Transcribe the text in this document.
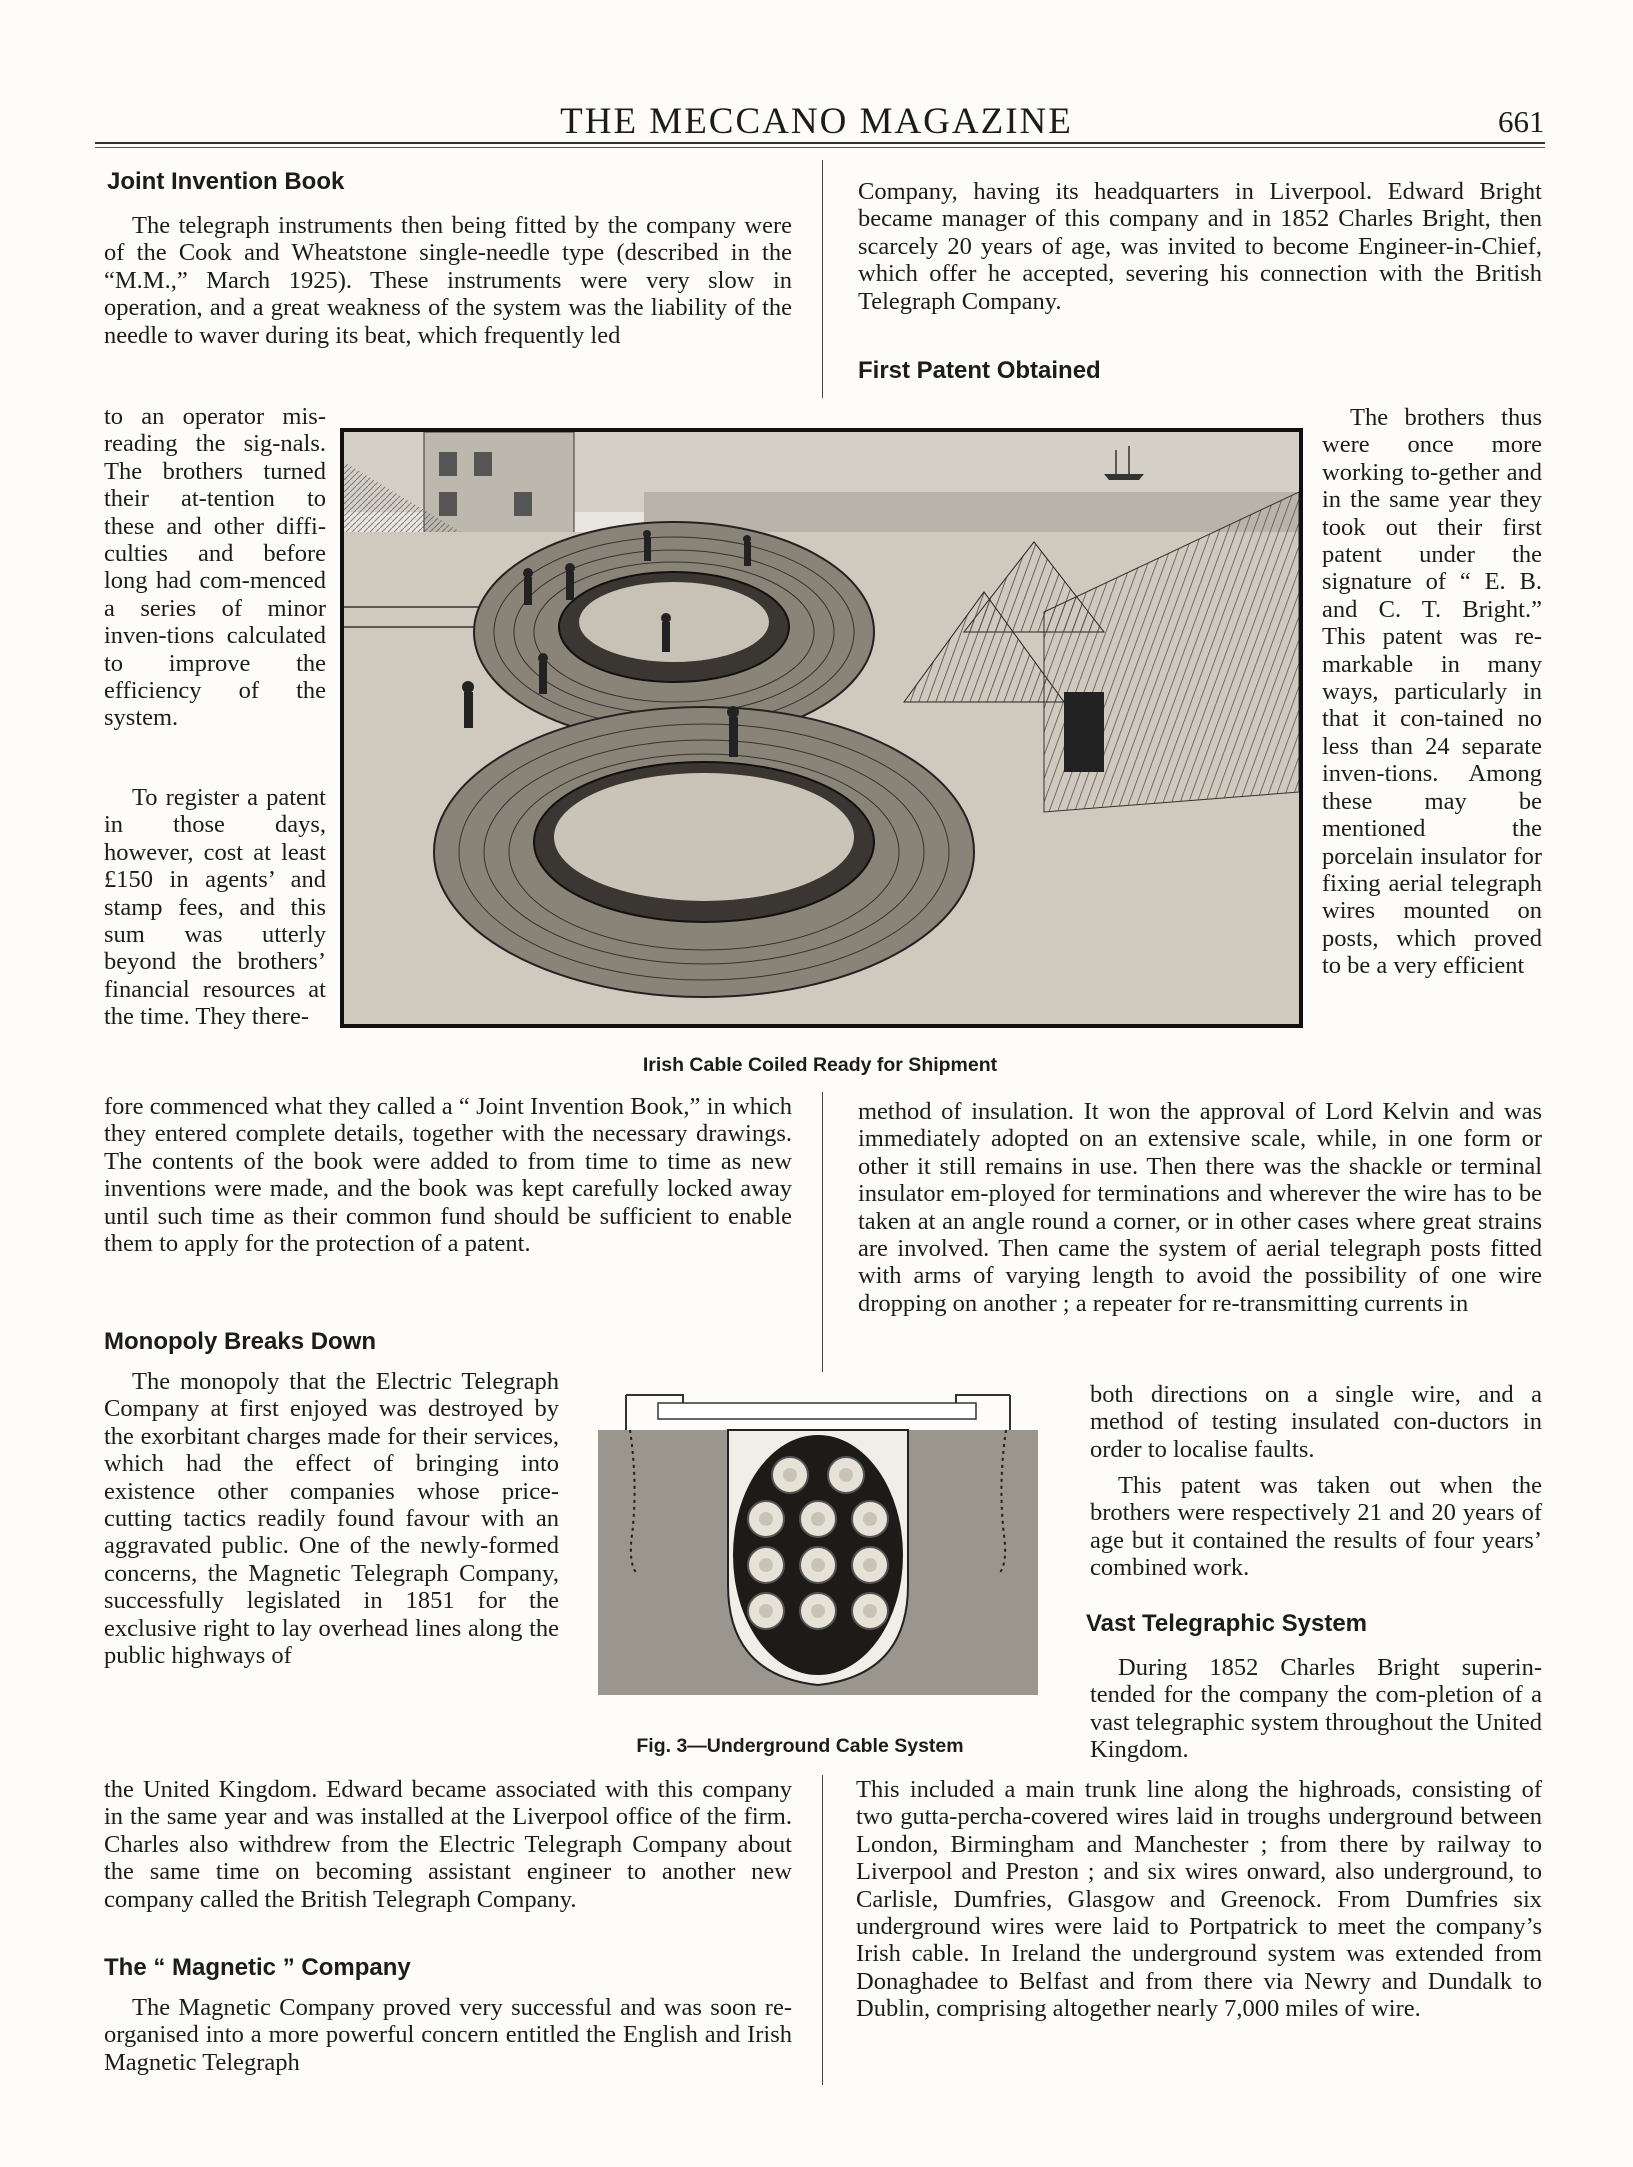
THE MECCANO MAGAZINE	661
Joint Invention Book

The telegraph instruments then being fitted by the company were of the Cook and Wheatstone single-needle type (described in the “M.M.,” March 1925). These instruments were very slow in operation, and a great weakness of the system was the liability of the needle to waver during its beat, which frequently led

to an operator mis-reading the sig-nals. The brothers turned their at-tention to these and other diffi-culties and before long had com-menced a series of minor inven-tions calculated to improve the efficiency of the system.

To register a patent in those days, however, cost at least £150 in agents’ and stamp fees, and this sum was utterly beyond the brothers’ financial resources at the time. They there-

fore commenced what they called a “ Joint Invention Book,” in which they entered complete details, together with the necessary drawings. The contents of the book were added to from time to time as new inventions were made, and the book was kept carefully locked away until such time as their common fund should be sufficient to enable them to apply for the protection of a patent.

Monopoly Breaks Down

The monopoly that the Electric Telegraph Company at first enjoyed was destroyed by the exorbitant charges made for their services, which had the effect of bringing into existence other companies whose price-cutting tactics readily found favour with an aggravated public. One of the newly-formed concerns, the Magnetic Telegraph Company, successfully legislated in 1851 for the exclusive right to lay overhead lines along the public highways of

the United Kingdom. Edward became associated with this company in the same year and was installed at the Liverpool office of the firm. Charles also withdrew from the Electric Telegraph Company about the same time on becoming assistant engineer to another new company called the British Telegraph Company.

The “ Magnetic ” Company

The Magnetic Company proved very successful and was soon re-organised into a more powerful concern entitled the English and Irish Magnetic Telegraph

Company, having its headquarters in Liverpool. Edward Bright became manager of this company and in 1852 Charles Bright, then scarcely 20 years of age, was invited to become Engineer-in-Chief, which offer he accepted, severing his connection with the British Telegraph Company.

First Patent Obtained

The brothers thus were once more working to-gether and in the same year they took out their first patent under the signature of “ E. B. and C. T. Bright.” This patent was re-markable in many ways, particularly in that it con-tained no less than 24 separate inven-tions. Among these may be mentioned the porcelain insulator for fixing aerial telegraph wires mounted on posts, which proved to be a very efficient

method of insulation. It won the approval of Lord Kelvin and was immediately adopted on an extensive scale, while, in one form or other it still remains in use. Then there was the shackle or terminal insulator em-ployed for terminations and wherever the wire has to be taken at an angle round a corner, or in other cases where great strains are involved. Then came the system of aerial telegraph posts fitted with arms of varying length to avoid the possibility of one wire dropping on another ; a repeater for re-transmitting currents in

both directions on a single wire, and a method of testing insulated con-ductors in order to localise faults.

This patent was taken out when the brothers were respectively 21 and 20 years of age but it contained the results of four years’ combined work.

Vast Telegraphic System

During 1852 Charles Bright superin-tended for the company the com-pletion of a vast telegraphic system throughout the United Kingdom.

This included a main trunk line along the highroads, consisting of two gutta-percha-covered wires laid in troughs underground between London, Birmingham and Manchester ; from there by railway to Liverpool and Preston ; and six wires onward, also underground, to Carlisle, Dumfries, Glasgow and Greenock. From Dumfries six underground wires were laid to Portpatrick to meet the company’s Irish cable. In Ireland the underground system was extended from Donaghadee to Belfast and from there via Newry and Dundalk to Dublin, comprising altogether nearly 7,000 miles of wire.

Irish Cable Coiled Ready for Shipment
Fig. 3—Underground Cable System
